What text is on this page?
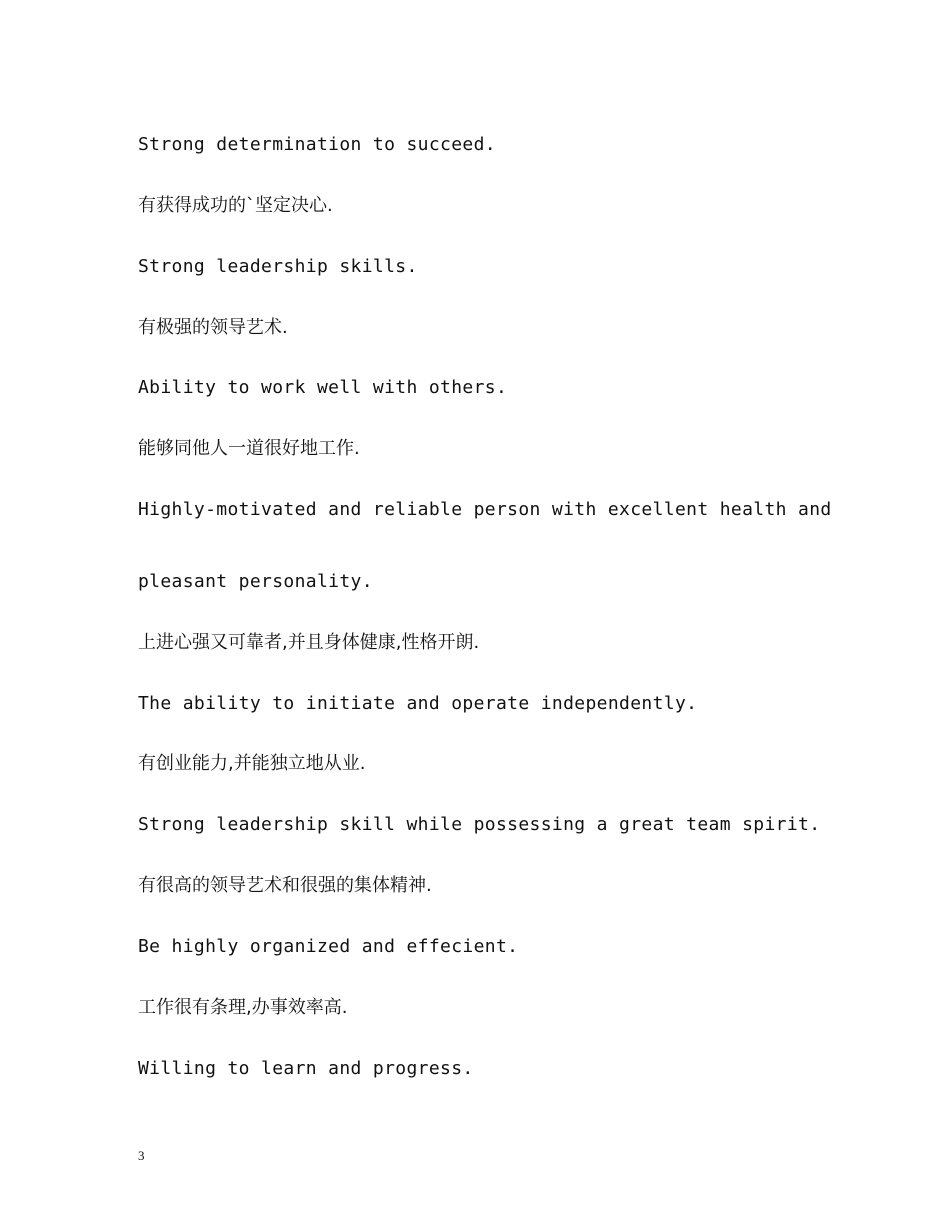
Strong determination to succeed.
有获得成功的`坚定决心.
Strong leadership skills.
有极强的领导艺术.
Ability to work well with others.
能够同他人一道很好地工作.
Highly-motivated and reliable person with excellent health and
pleasant personality.
上进心强又可靠者,并且身体健康,性格开朗.
The ability to initiate and operate independently.
有创业能力,并能独立地从业.
Strong leadership skill while possessing a great team spirit.
有很高的领导艺术和很强的集体精神.
Be highly organized and effecient.
工作很有条理,办事效率高.
Willing to learn and progress.
3
